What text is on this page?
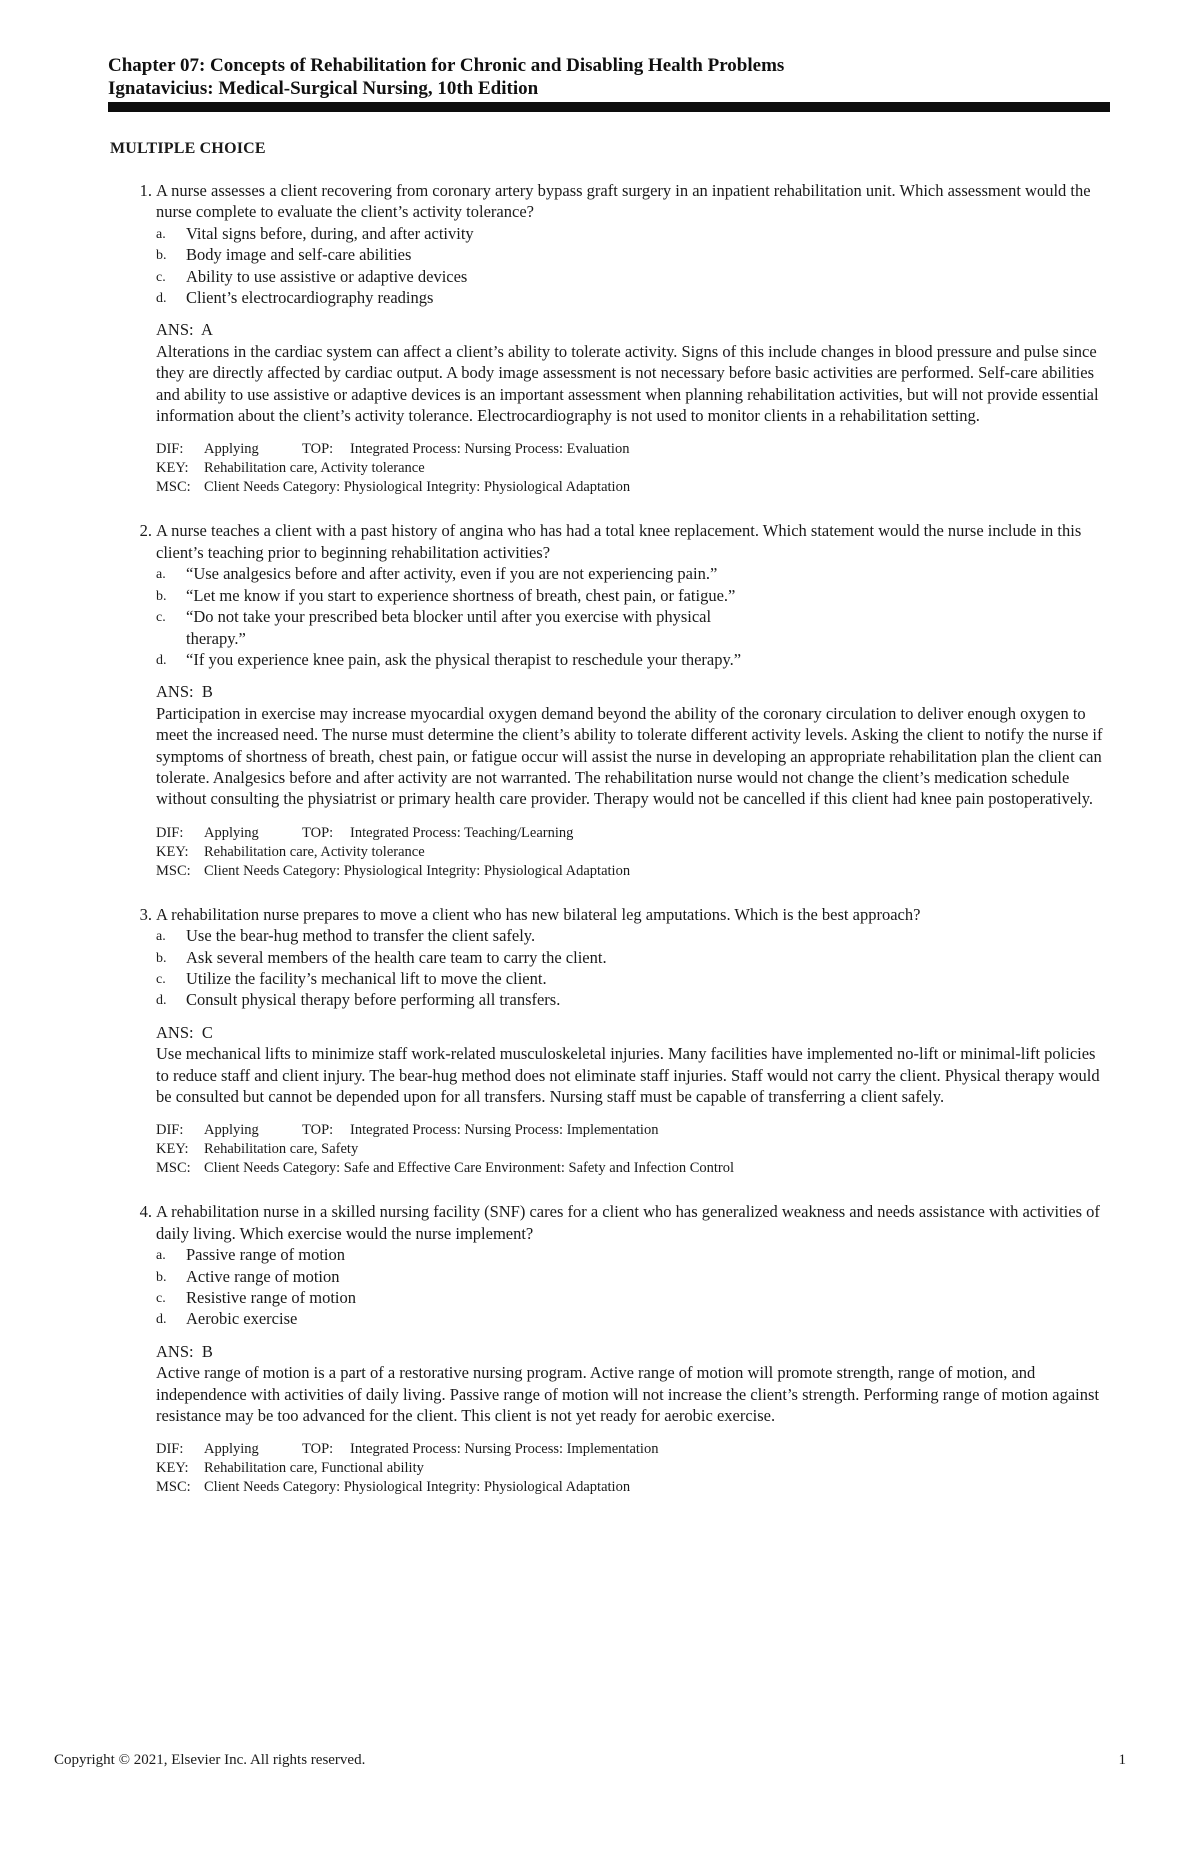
Chapter 07: Concepts of Rehabilitation for Chronic and Disabling Health Problems
Ignatavicius: Medical-Surgical Nursing, 10th Edition
MULTIPLE CHOICE
1 . A nurse assesses a client recovering from coronary artery bypass graft surgery in an inpatient rehabilitation unit. Which assessment would the nurse complete to evaluate the client’s activity tolerance?

a . Vital signs before, during, and after activity
b . Body image and self-care abilities
c . Ability to use assistive or adaptive devices
d . Client’s electrocardiography readings
ANS:  A

Alterations in the cardiac system can affect a client’s ability to tolerate activity. Signs of this include changes in blood pressure and pulse since they are directly affected by cardiac output. A body image assessment is not necessary before basic activities are performed. Self-care abilities and ability to use assistive or adaptive devices is an important assessment when planning rehabilitation activities, but will not provide essential information about the client’s activity tolerance. Electrocardiography is not used to monitor clients in a rehabilitation setting.

DIF : Applying	TOP : Integrated Process: Nursing Process: Evaluation
KEY : Rehabilitation care, Activity tolerance
MSC : Client Needs Category: Physiological Integrity: Physiological Adaptation
2 . A nurse teaches a client with a past history of angina who has had a total knee replacement. Which statement would the nurse include in this client’s teaching prior to beginning rehabilitation activities?

a . “Use analgesics before and after activity, even if you are not experiencing pain.”
b . “Let me know if you start to experience shortness of breath, chest pain, or fatigue.”
c . “Do not take your prescribed beta blocker until after you exercise with physical therapy.”
d . “If you experience knee pain, ask the physical therapist to reschedule your therapy.”
ANS:  B

Participation in exercise may increase myocardial oxygen demand beyond the ability of the coronary circulation to deliver enough oxygen to meet the increased need. The nurse must determine the client’s ability to tolerate different activity levels. Asking the client to notify the nurse if symptoms of shortness of breath, chest pain, or fatigue occur will assist the nurse in developing an appropriate rehabilitation plan the client can tolerate. Analgesics before and after activity are not warranted. The rehabilitation nurse would not change the client’s medication schedule without consulting the physiatrist or primary health care provider. Therapy would not be cancelled if this client had knee pain postoperatively.

DIF : Applying	TOP : Integrated Process: Teaching/Learning
KEY : Rehabilitation care, Activity tolerance
MSC : Client Needs Category: Physiological Integrity: Physiological Adaptation
3 . A rehabilitation nurse prepares to move a client who has new bilateral leg amputations. Which is the best approach?

a . Use the bear-hug method to transfer the client safely.
b . Ask several members of the health care team to carry the client.
c . Utilize the facility’s mechanical lift to move the client.
d . Consult physical therapy before performing all transfers.
ANS:  C

Use mechanical lifts to minimize staff work-related musculoskeletal injuries. Many facilities have implemented no-lift or minimal-lift policies to reduce staff and client injury. The bear-hug method does not eliminate staff injuries. Staff would not carry the client. Physical therapy would be consulted but cannot be depended upon for all transfers. Nursing staff must be capable of transferring a client safely.

DIF : Applying	TOP : Integrated Process: Nursing Process: Implementation
KEY : Rehabilitation care, Safety
MSC : Client Needs Category: Safe and Effective Care Environment: Safety and Infection Control
4 . A rehabilitation nurse in a skilled nursing facility (SNF) cares for a client who has generalized weakness and needs assistance with activities of daily living. Which exercise would the nurse implement?

a . Passive range of motion
b . Active range of motion
c . Resistive range of motion
d . Aerobic exercise
ANS:  B

Active range of motion is a part of a restorative nursing program. Active range of motion will promote strength, range of motion, and independence with activities of daily living. Passive range of motion will not increase the client’s strength. Performing range of motion against resistance may be too advanced for the client. This client is not yet ready for aerobic exercise.

DIF : Applying	TOP : Integrated Process: Nursing Process: Implementation
KEY : Rehabilitation care, Functional ability
MSC : Client Needs Category: Physiological Integrity: Physiological Adaptation
Copyright © 2021, Elsevier Inc. All rights reserved.	1
